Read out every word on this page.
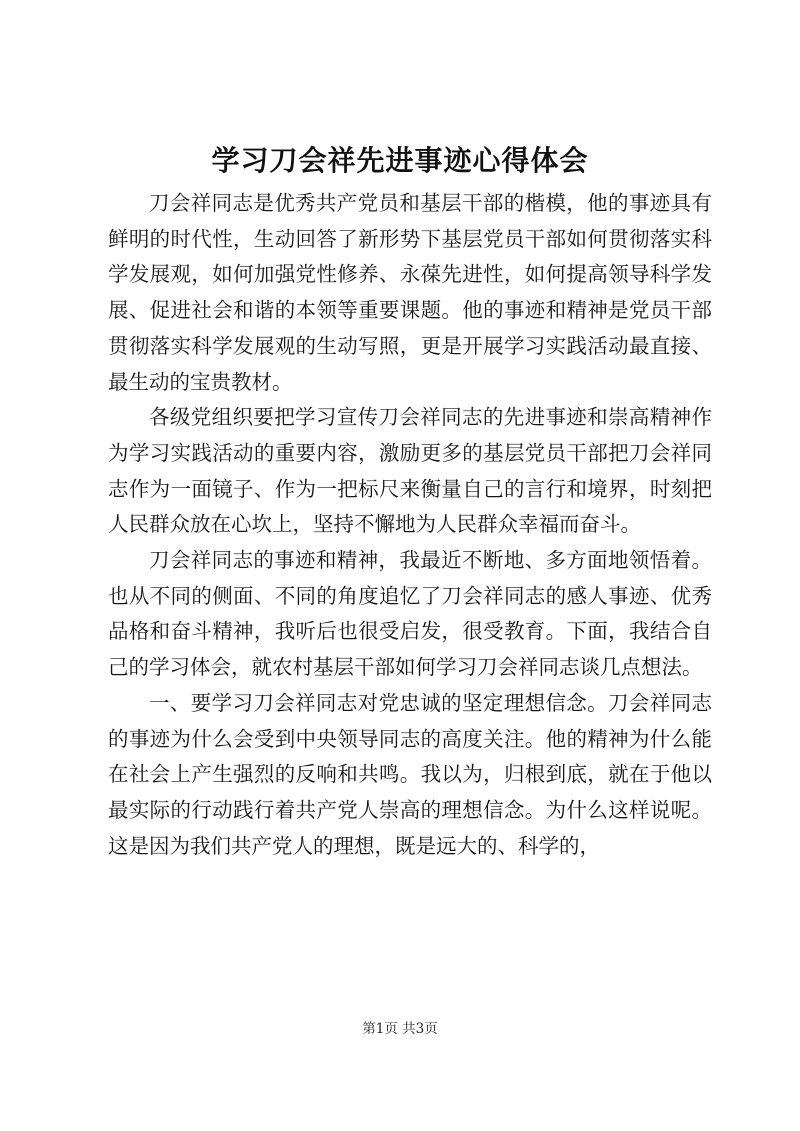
学习刀会祥先进事迹心得体会

刀会祥同志是优秀共产党员和基层干部的楷模，他的事迹具有鲜明的时代性，生动回答了新形势下基层党员干部如何贯彻落实科学发展观，如何加强党性修养、永葆先进性，如何提高领导科学发展、促进社会和谐的本领等重要课题。他的事迹和精神是党员干部贯彻落实科学发展观的生动写照，更是开展学习实践活动最直接、最生动的宝贵教材。

各级党组织要把学习宣传刀会祥同志的先进事迹和崇高精神作为学习实践活动的重要内容，激励更多的基层党员干部把刀会祥同志作为一面镜子、作为一把标尺来衡量自己的言行和境界，时刻把人民群众放在心坎上，坚持不懈地为人民群众幸福而奋斗。

刀会祥同志的事迹和精神，我最近不断地、多方面地领悟着。也从不同的侧面、不同的角度追忆了刀会祥同志的感人事迹、优秀品格和奋斗精神，我听后也很受启发，很受教育。下面，我结合自己的学习体会，就农村基层干部如何学习刀会祥同志谈几点想法。

一、要学习刀会祥同志对党忠诚的坚定理想信念。刀会祥同志的事迹为什么会受到中央领导同志的高度关注。他的精神为什么能在社会上产生强烈的反响和共鸣。我以为，归根到底，就在于他以最实际的行动践行着共产党人崇高的理想信念。为什么这样说呢。这是因为我们共产党人的理想，既是远大的、科学的，

第1页 共3页
